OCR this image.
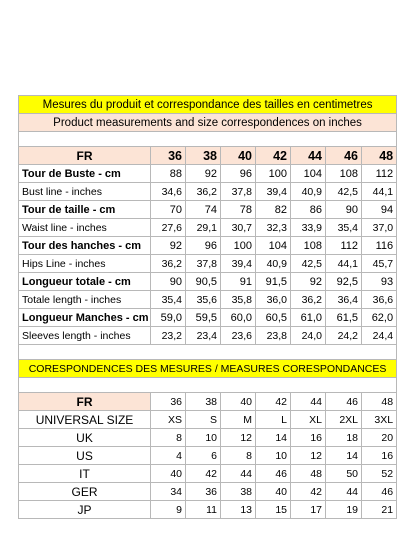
Mesures du produit et correspondance des tailles en centimetres							
Product measurements and size correspondences on inches							

FR	36	38	40	42	44	46	48
Tour de Buste - cm	88	92	96	100	104	108	112
Bust line - inches	34,6	36,2	37,8	39,4	40,9	42,5	44,1
Tour de taille - cm	70	74	78	82	86	90	94
Waist line - inches	27,6	29,1	30,7	32,3	33,9	35,4	37,0
Tour des hanches - cm	92	96	100	104	108	112	116
Hips Line - inches	36,2	37,8	39,4	40,9	42,5	44,1	45,7
Longueur totale - cm	90	90,5	91	91,5	92	92,5	93
Totale length - inches	35,4	35,6	35,8	36,0	36,2	36,4	36,6
Longueur Manches - cm	59,0	59,5	60,0	60,5	61,0	61,5	62,0
Sleeves length - inches	23,2	23,4	23,6	23,8	24,0	24,2	24,4

CORESPONDENCES DES MESURES / MEASURES CORESPONDANCES							

FR	36	38	40	42	44	46	48
UNIVERSAL SIZE	XS	S	M	L	XL	2XL	3XL
UK	8	10	12	14	16	18	20
US	4	6	8	10	12	14	16
IT	40	42	44	46	48	50	52
GER	34	36	38	40	42	44	46
JP	9	11	13	15	17	19	21
